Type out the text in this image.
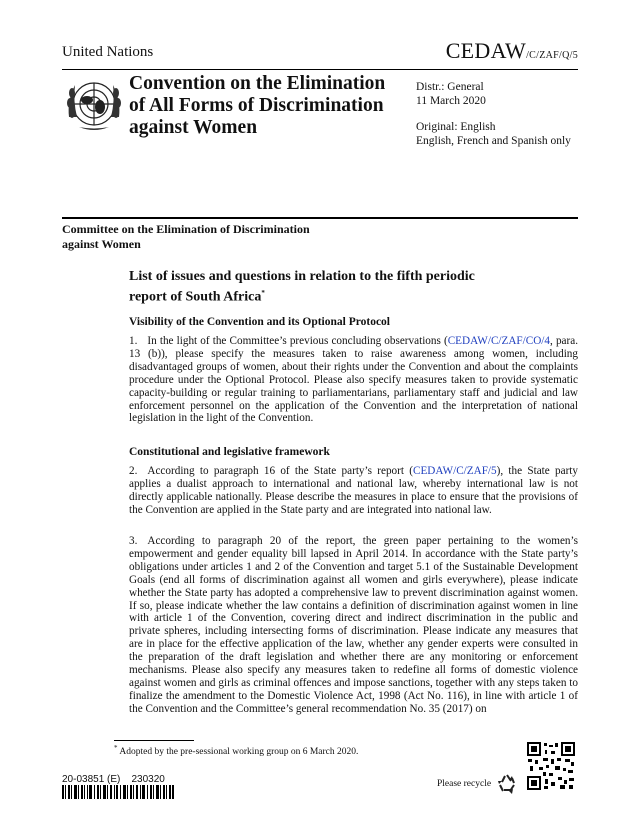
United Nations	CEDAW/C/ZAF/Q/5
Convention on the Elimination
of All Forms of Discrimination
against Women
Distr.: General
11 March 2020
Original: English
English, French and Spanish only
Committee on the Elimination of Discrimination
against Women
List of issues and questions in relation to the fifth periodic
report of South Africa*
Visibility of the Convention and its Optional Protocol
1. In the light of the Committee’s previous concluding observations (CEDAW/C/ZAF/CO/4, para. 13 (b)), please specify the measures taken to raise awareness among women, including disadvantaged groups of women, about their rights under the Convention and about the complaints procedure under the Optional Protocol. Please also specify measures taken to provide systematic capacity-building or regular training to parliamentarians, parliamentary staff and judicial and law enforcement personnel on the application of the Convention and the interpretation of national legislation in the light of the Convention.
Constitutional and legislative framework
2. According to paragraph 16 of the State party’s report (CEDAW/C/ZAF/5), the State party applies a dualist approach to international and national law, whereby international law is not directly applicable nationally. Please describe the measures in place to ensure that the provisions of the Convention are applied in the State party and are integrated into national law.
3. According to paragraph 20 of the report, the green paper pertaining to the women’s empowerment and gender equality bill lapsed in April 2014. In accordance with the State party’s obligations under articles 1 and 2 of the Convention and target 5.1 of the Sustainable Development Goals (end all forms of discrimination against all women and girls everywhere), please indicate whether the State party has adopted a comprehensive law to prevent discrimination against women. If so, please indicate whether the law contains a definition of discrimination against women in line with article 1 of the Convention, covering direct and indirect discrimination in the public and private spheres, including intersecting forms of discrimination. Please indicate any measures that are in place for the effective application of the law, whether any gender experts were consulted in the preparation of the draft legislation and whether there are any monitoring or enforcement mechanisms. Please also specify any measures taken to redefine all forms of domestic violence against women and girls as criminal offences and impose sanctions, together with any steps taken to finalize the amendment to the Domestic Violence Act, 1998 (Act No. 116), in line with article 1 of the Convention and the Committee’s general recommendation No. 35 (2017) on
* Adopted by the pre-sessional working group on 6 March 2020.
20-03851 (E)    230320	Please recycle
